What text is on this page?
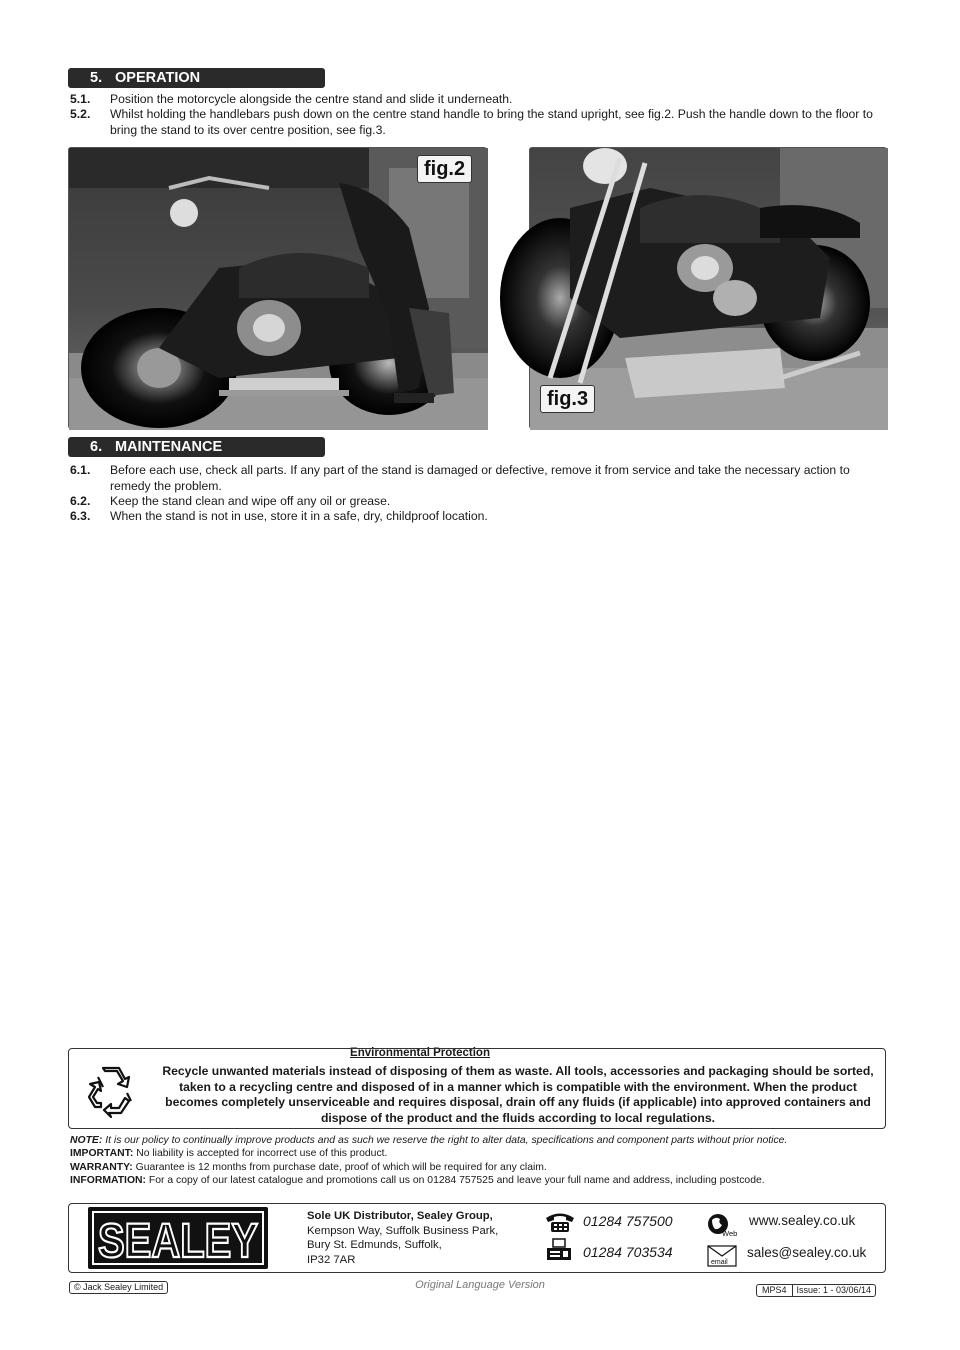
5. OPERATION
5.1. Position the motorcycle alongside the centre stand and slide it underneath.
5.2. Whilst holding the handlebars push down on the centre stand handle to bring the stand upright, see fig.2. Push the handle down to the floor to bring the stand to its over centre position, see fig.3.
fig.2
fig.3
6. MAINTENANCE
6.1. Before each use, check all parts. If any part of the stand is damaged or defective, remove it from service and take the necessary action to remedy the problem.
6.2. Keep the stand clean and wipe off any oil or grease.
6.3. When the stand is not in use, store it in a safe, dry, childproof location.
Environmental Protection
Recycle unwanted materials instead of disposing of them as waste. All tools, accessories and packaging should be sorted, taken to a recycling centre and disposed of in a manner which is compatible with the environment. When the product becomes completely unserviceable and requires disposal, drain off any fluids (if applicable) into approved containers and dispose of the product and the fluids according to local regulations.
NOTE: It is our policy to continually improve products and as such we reserve the right to alter data, specifications and component parts without prior notice.
IMPORTANT: No liability is accepted for incorrect use of this product.
WARRANTY: Guarantee is 12 months from purchase date, proof of which will be required for any claim.
INFORMATION: For a copy of our latest catalogue and promotions call us on 01284 757525 and leave your full name and address, including postcode.
SEALEY	Sole UK Distributor, Sealey Group,
Kempson Way, Suffolk Business Park,
Bury St. Edmunds, Suffolk,
IP32 7AR
01284 757500
01284 703534
Web
www.sealey.co.uk
email
sales@sealey.co.uk
© Jack Sealey Limited	Original Language Version	MPS4 Issue: 1 - 03/06/14
